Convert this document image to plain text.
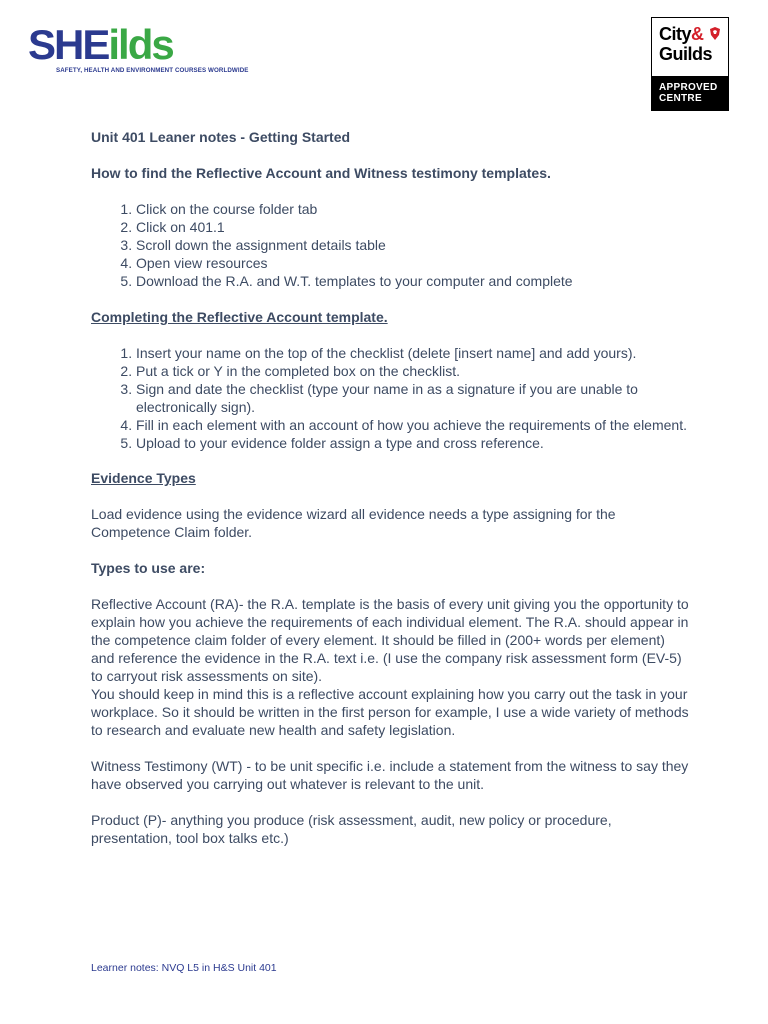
SHEilds
SAFETY, HEALTH AND ENVIRONMENT COURSES WORLDWIDE
City&
Guilds
APPROVED
CENTRE

Unit 401 Leaner notes - Getting Started

How to find the Reflective Account and Witness testimony templates.

1. Click on the course folder tab
2. Click on 401.1
3. Scroll down the assignment details table
4. Open view resources
5. Download the R.A. and W.T. templates to your computer and complete

Completing the Reflective Account template.

1. Insert your name on the top of the checklist (delete [insert name] and add yours).
2. Put a tick or Y in the completed box on the checklist.
3. Sign and date the checklist (type your name in as a signature if you are unable to electronically sign).
4. Fill in each element with an account of how you achieve the requirements of the element.
5. Upload to your evidence folder assign a type and cross reference.

Evidence Types

Load evidence using the evidence wizard all evidence needs a type assigning for the Competence Claim folder.

Types to use are:

Reflective Account (RA)- the R.A. template is the basis of every unit giving you the opportunity to explain how you achieve the requirements of each individual element. The R.A. should appear in the competence claim folder of every element. It should be filled in (200+ words per element) and reference the evidence in the R.A. text i.e. (I use the company risk assessment form (EV-5) to carryout risk assessments on site).

You should keep in mind this is a reflective account explaining how you carry out the task in your workplace. So it should be written in the first person for example, I use a wide variety of methods to research and evaluate new health and safety legislation.

Witness Testimony (WT) - to be unit specific i.e. include a statement from the witness to say they have observed you carrying out whatever is relevant to the unit.

Product (P)- anything you produce (risk assessment, audit, new policy or procedure, presentation, tool box talks etc.)

Learner notes: NVQ L5 in H&S Unit 401
